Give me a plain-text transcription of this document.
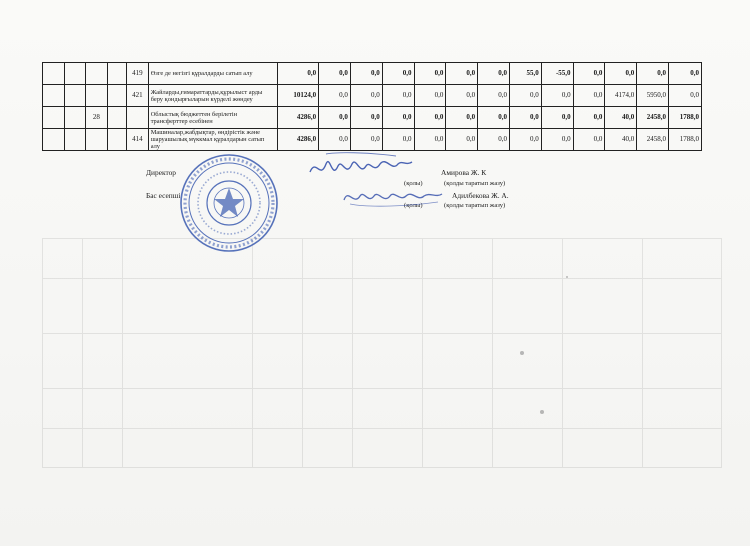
				419	Өзге де негізгі құралдарды сатып алу	0,0	0,0	0,0	0,0	0,0	0,0	0,0	55,0	-55,0	0,0	0,0	0,0	0,0
				421	Жайларды,ғимараттарды,құрылыст арды беру қондырғыларын күрделі жөндеу	10124,0	0,0	0,0	0,0	0,0	0,0	0,0	0,0	0,0	0,0	4174,0	5950,0	0,0
		28			Облыстық бюджеттен берілетін трансферттер есебінен	4286,0	0,0	0,0	0,0	0,0	0,0	0,0	0,0	0,0	0,0	40,0	2458,0	1788,0
				414	Машиналар,жабдықтар, өндірістік және шаруашылық мүккмал құралдарын сатып алу	4286,0	0,0	0,0	0,0	0,0	0,0	0,0	0,0	0,0	0,0	40,0	2458,0	1788,0
Директор	Амирова Ж. К
(қолы)	(қолды таратып жазу)
Бас есепші	Адилбекова Ж. А.
(қолы)	(қолды таратып жазу)
